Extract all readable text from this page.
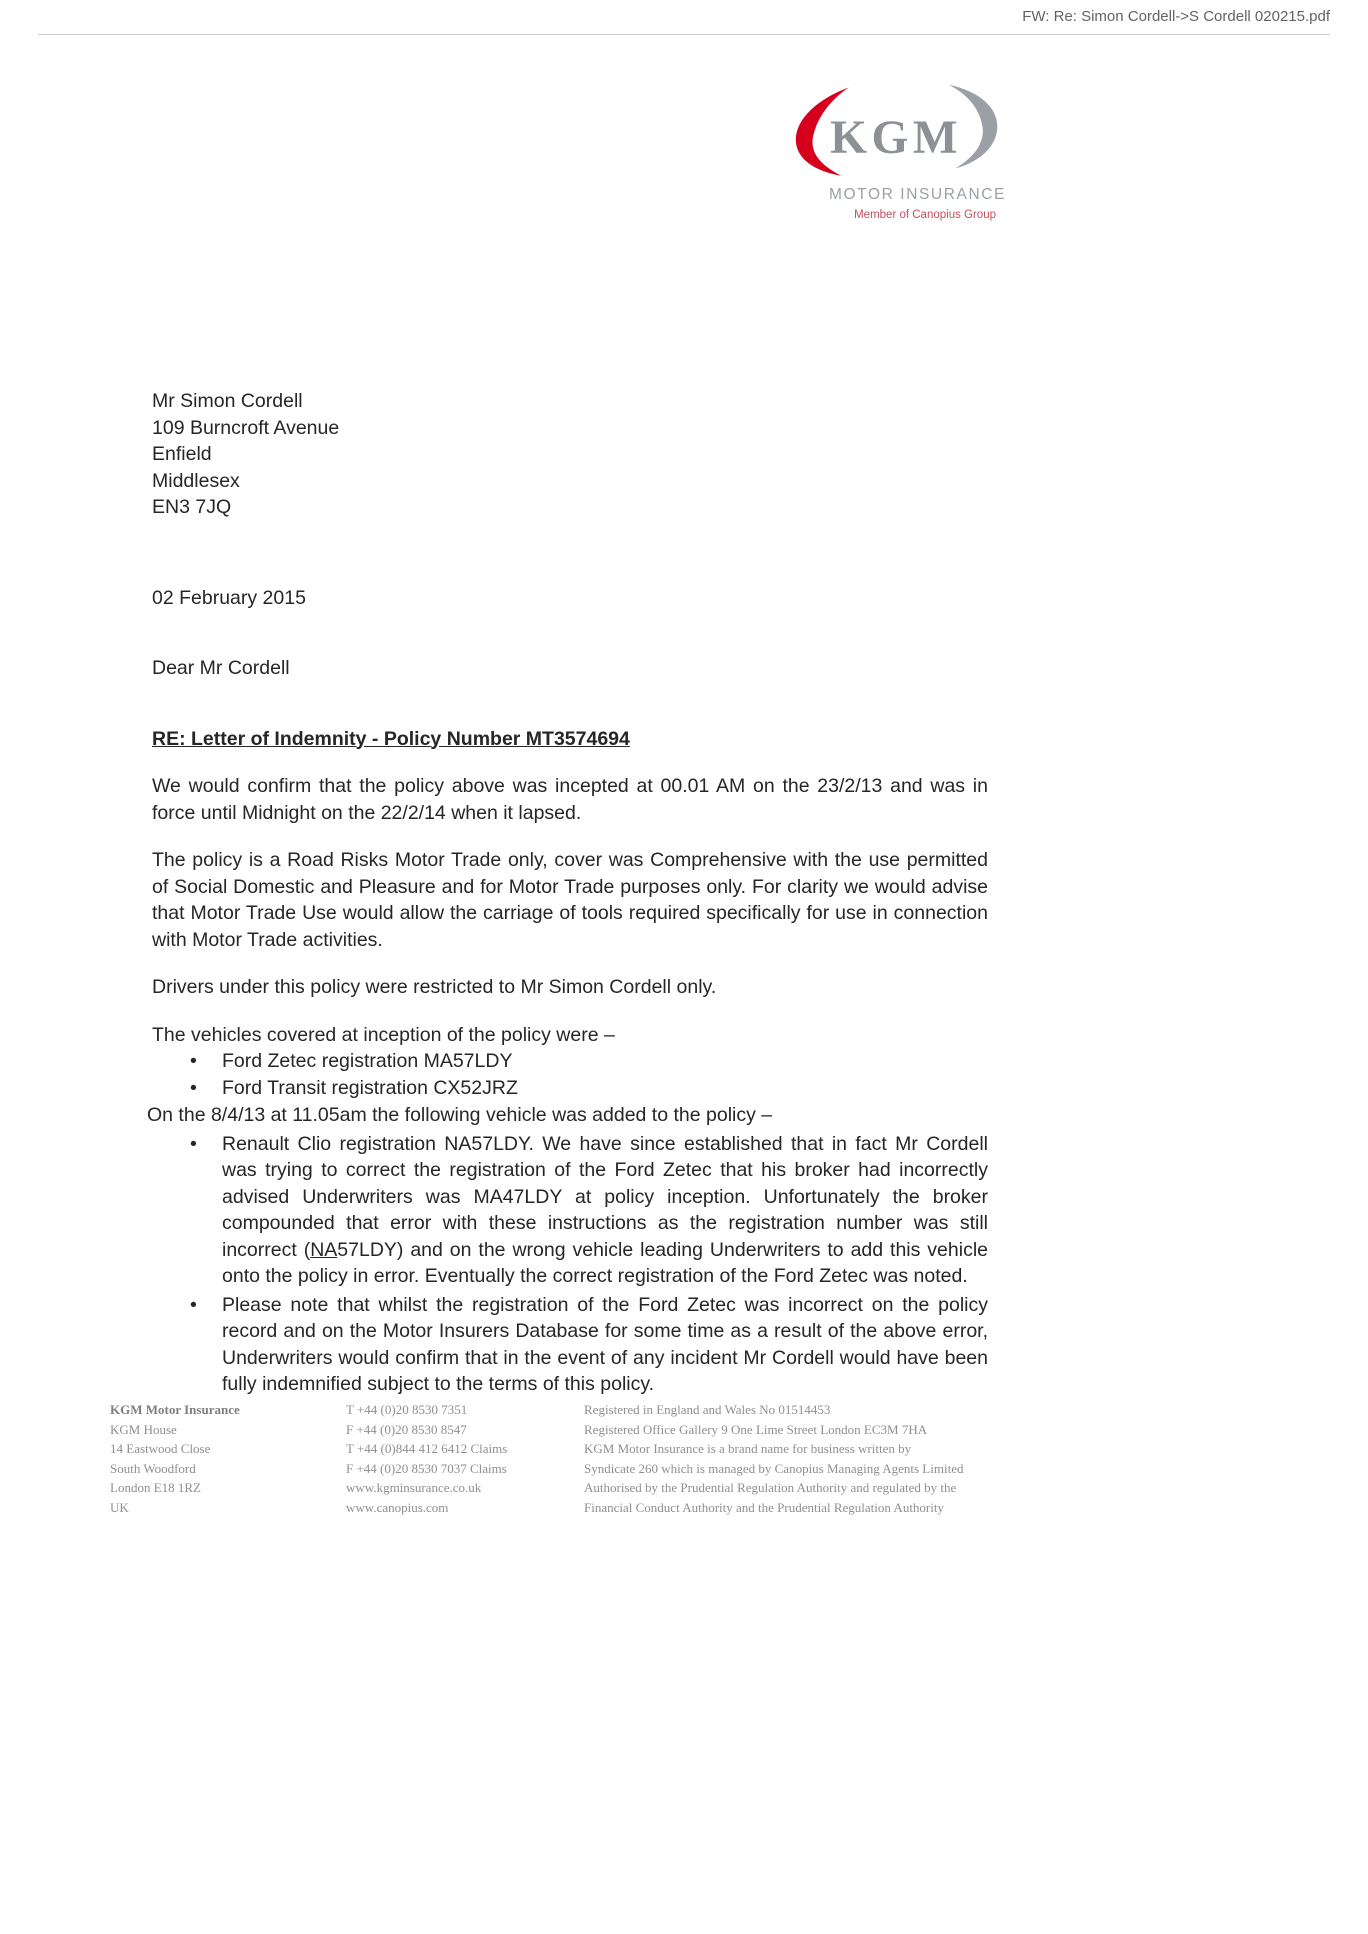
FW: Re: Simon Cordell->S Cordell 020215.pdf
KGM
MOTOR INSURANCE
Member of Canopius Group
Mr Simon Cordell
109 Burncroft Avenue
Enfield
Middlesex
EN3 7JQ
02 February 2015
Dear Mr Cordell
RE: Letter of Indemnity - Policy Number MT3574694
We would confirm that the policy above was incepted at 00.01 AM on the 23/2/13 and was in force until Midnight on the 22/2/14 when it lapsed.
The policy is a Road Risks Motor Trade only, cover was Comprehensive with the use permitted of Social Domestic and Pleasure and for Motor Trade purposes only. For clarity we would advise that Motor Trade Use would allow the carriage of tools required specifically for use in connection with Motor Trade activities.
Drivers under this policy were restricted to Mr Simon Cordell only.
The vehicles covered at inception of the policy were –
• Ford Zetec registration MA57LDY
• Ford Transit registration CX52JRZ
On the 8/4/13 at 11.05am the following vehicle was added to the policy –
• Renault Clio registration NA57LDY. We have since established that in fact Mr Cordell was trying to correct the registration of the Ford Zetec that his broker had incorrectly advised Underwriters was MA47LDY at policy inception. Unfortunately the broker compounded that error with these instructions as the registration number was still incorrect (NA57LDY) and on the wrong vehicle leading Underwriters to add this vehicle onto the policy in error. Eventually the correct registration of the Ford Zetec was noted.
• Please note that whilst the registration of the Ford Zetec was incorrect on the policy record and on the Motor Insurers Database for some time as a result of the above error, Underwriters would confirm that in the event of any incident Mr Cordell would have been fully indemnified subject to the terms of this policy.
KGM Motor Insurance
KGM House
14 Eastwood Close
South Woodford
London E18 1RZ
UK
T +44 (0)20 8530 7351
F +44 (0)20 8530 8547
T +44 (0)844 412 6412 Claims
F +44 (0)20 8530 7037 Claims
www.kgminsurance.co.uk
www.canopius.com
Registered in England and Wales No 01514453
Registered Office Gallery 9 One Lime Street London EC3M 7HA
KGM Motor Insurance is a brand name for business written by
Syndicate 260 which is managed by Canopius Managing Agents Limited
Authorised by the Prudential Regulation Authority and regulated by the
Financial Conduct Authority and the Prudential Regulation Authority
